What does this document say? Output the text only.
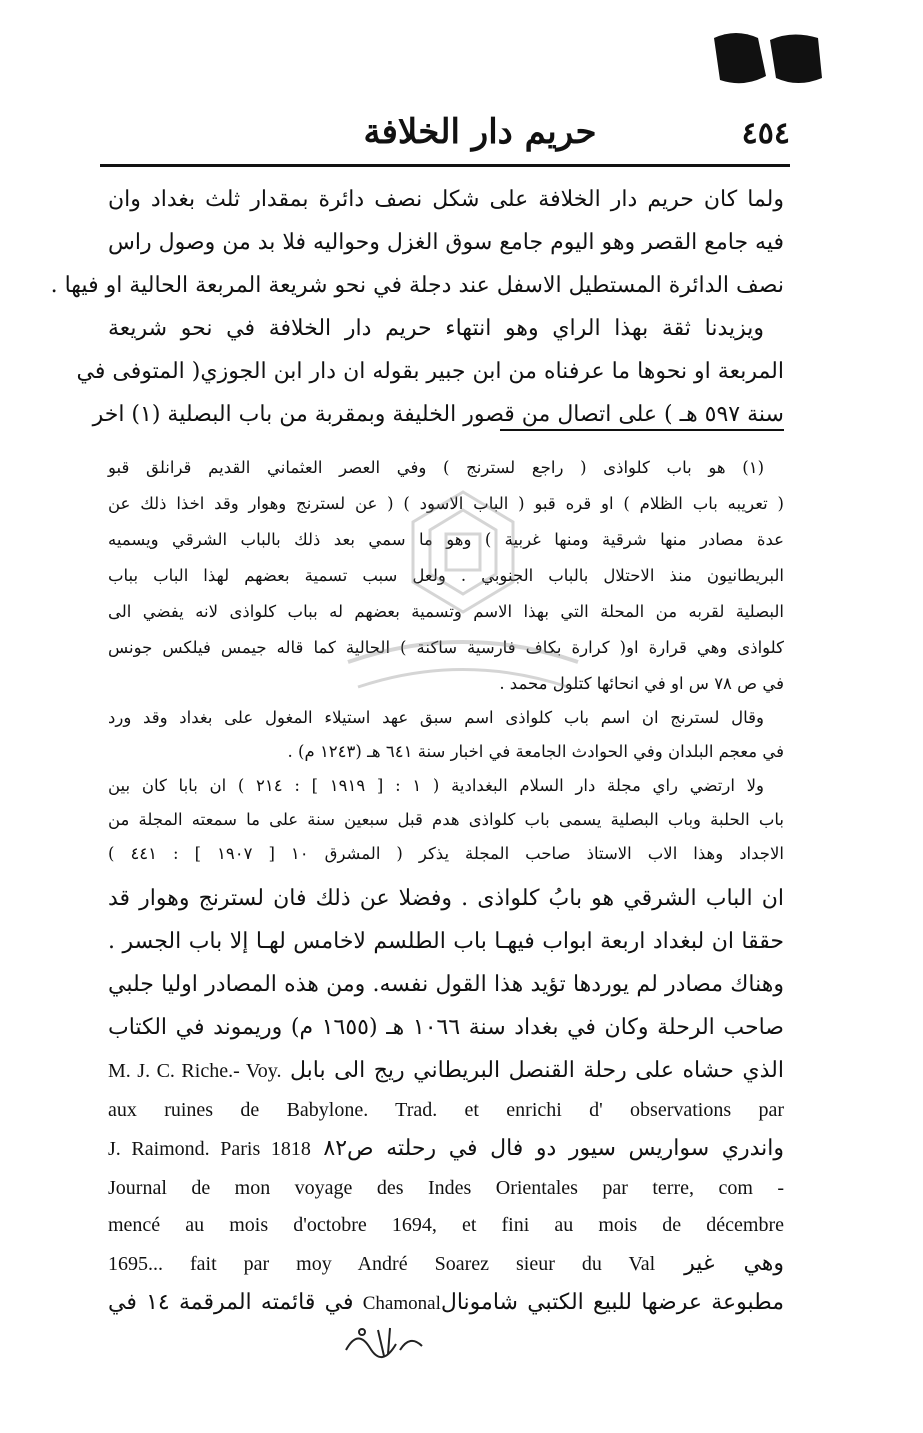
٤٥٤
حريم دار الخلافة
ولما كان حريم دار الخلافة على شكل نصف دائرة بمقدار ثلث بغداد وان
فيه جامع القصر وهو اليوم جامع سوق الغزل وحواليه فلا بد من وصول راس
نصف الدائرة المستطيل الاسفل عند دجلة في نحو شريعة المربعة الحالية او فيها .
ويزيدنا ثقة بهذا الراي وهو انتهاء حريم دار الخلافة في نحو شريعة
المربعة او نحوها ما عرفناه من ابن جبير بقوله ان دار ابن الجوزي( المتوفى في
سنة ٥٩٧ هـ ) على اتصال من قصور الخليفة وبمقربة من باب البصلية (١) اخر
(١) هو باب كلواذى ( راجع لسترنج ) وفي العصر العثماني القديم قرانلق قبو
( تعريبه باب الظلام ) او قره قبو ( الباب الاسود ) ( عن لسترنج وهوار وقد اخذا ذلك عن
عدة مصادر منها شرقية ومنها غربية ) وهو ما سمي بعد ذلك بالباب الشرقي ويسميه
البريطانيون منذ الاحتلال بالباب الجنوبي . ولعل سبب تسمية بعضهم لهذا الباب بباب
البصلية لقربه من المحلة التي بهذا الاسم وتسمية بعضهم له بباب كلواذى لانه يفضي الى
كلواذى وهي قرارة او( كرارة بكاف فارسية ساكنة ) الحالية كما قاله جيمس فيلكس جونس
في ص ٧٨ س او في انحائها كتلول محمد .
وقال لسترنج ان اسم باب كلواذى اسم سبق عهد استيلاء المغول على بغداد وقد ورد
في معجم البلدان وفي الحوادث الجامعة في اخبار سنة ٦٤١ هـ (١٢٤٣ م) .
ولا ارتضي راي مجلة دار السلام البغدادية ( ١ : [ ١٩١٩ ] : ٢١٤ ) ان بابا كان بين
باب الحلبة وباب البصلية يسمى باب كلواذى هدم قبل سبعين سنة على ما سمعته المجلة من
الاجداد وهذا الاب الاستاذ صاحب المجلة يذكر ( المشرق ١٠ [ ١٩٠٧ ] : ٤٤١ )
ان الباب الشرقي هو بابُ كلواذى . وفضلا عن ذلك فان لسترنج وهوار قد
حققا ان لبغداد اربعة ابواب فيهـا باب الطلسم لاخامس لهـا إلا باب الجسر .
وهناك مصادر لم يوردها تؤيد هذا القول نفسه. ومن هذه المصادر اوليا جلبي
صاحب الرحلة وكان في بغداد سنة ١٠٦٦ هـ (١٦٥٥ م) وريموند في الكتاب
الذي حشاه على رحلة القنصل البريطاني ريج الى بابل M. J. C. Riche.- Voy.
aux ruines de Babylone. Trad. et enrichi d' observations par
واندري سواريس سيور دو فال في رحلته ص٨٢ J. Raimond. Paris 1818
Journal de mon voyage des Indes Orientales par terre, com -
mencé au mois d'octobre 1694, et fini au mois de décembre
وهي غير 1695... fait par moy André Soarez sieur du Val
مطبوعة عرضها للبيع الكتبي شامونالChamonal في قائمته المرقمة ١٤ في
